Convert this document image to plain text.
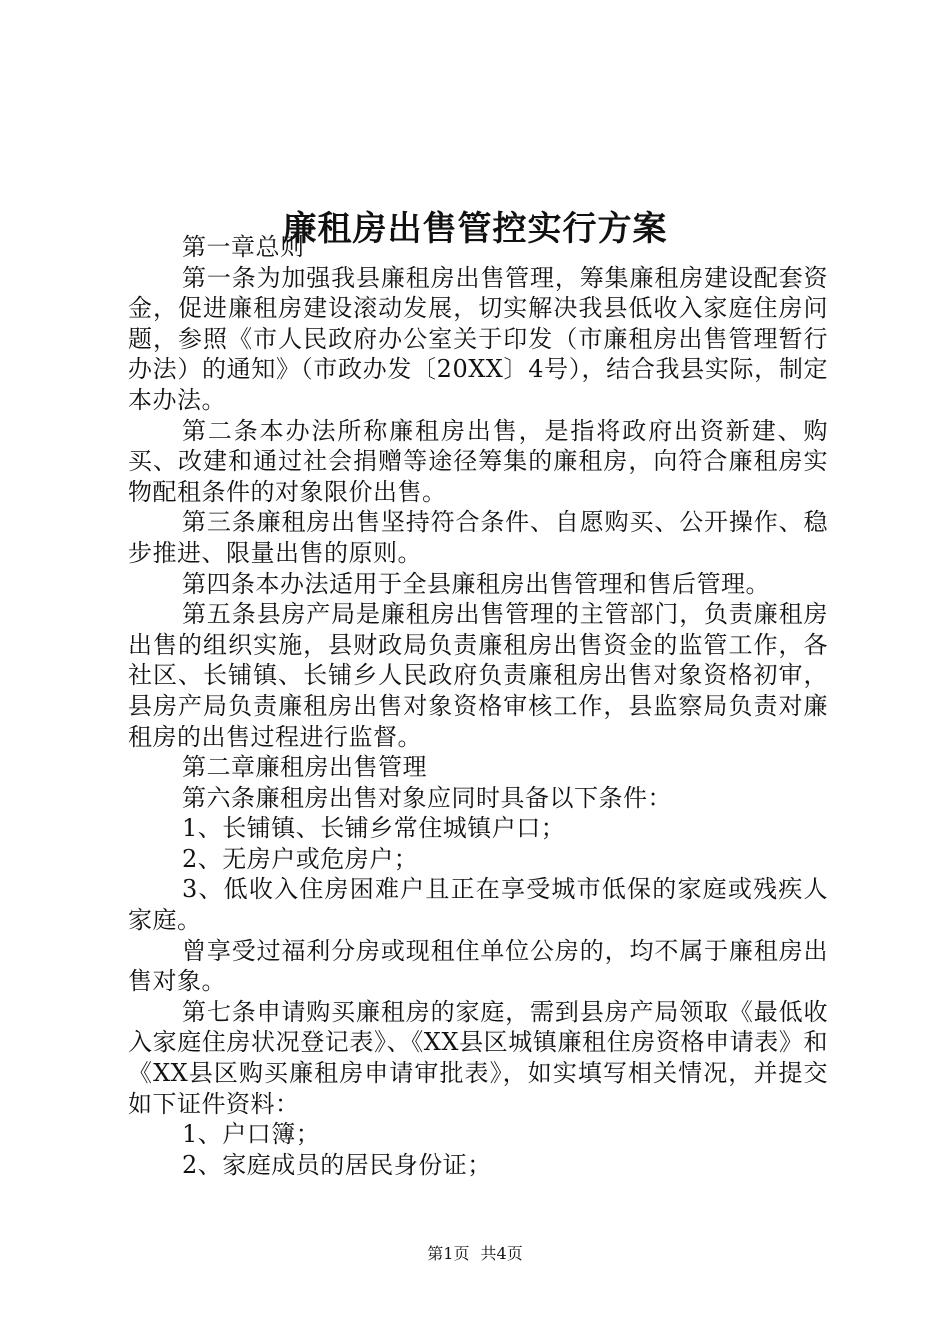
廉租房出售管控实行方案

第一章总则

第一条为加强我县廉租房出售管理，筹集廉租房建设配套资金，促进廉租房建设滚动发展，切实解决我县低收入家庭住房问题，参照《市人民政府办公室关于印发（市廉租房出售管理暂行办法）的通知》（市政办发〔20XX〕4号），结合我县实际，制定本办法。

第二条本办法所称廉租房出售，是指将政府出资新建、购买、改建和通过社会捐赠等途径筹集的廉租房，向符合廉租房实物配租条件的对象限价出售。

第三条廉租房出售坚持符合条件、自愿购买、公开操作、稳步推进、限量出售的原则。

第四条本办法适用于全县廉租房出售管理和售后管理。

第五条县房产局是廉租房出售管理的主管部门，负责廉租房出售的组织实施，县财政局负责廉租房出售资金的监管工作，各社区、长铺镇、长铺乡人民政府负责廉租房出售对象资格初审，县房产局负责廉租房出售对象资格审核工作，县监察局负责对廉租房的出售过程进行监督。

第二章廉租房出售管理

第六条廉租房出售对象应同时具备以下条件：

1、长铺镇、长铺乡常住城镇户口；

2、无房户或危房户；

3、低收入住房困难户且正在享受城市低保的家庭或残疾人家庭。

曾享受过福利分房或现租住单位公房的，均不属于廉租房出售对象。

第七条申请购买廉租房的家庭，需到县房产局领取《最低收入家庭住房状况登记表》、《XX县区城镇廉租住房资格申请表》和《XX县区购买廉租房申请审批表》，如实填写相关情况，并提交如下证件资料：

1、户口簿；

2、家庭成员的居民身份证；

第1页 共4页
